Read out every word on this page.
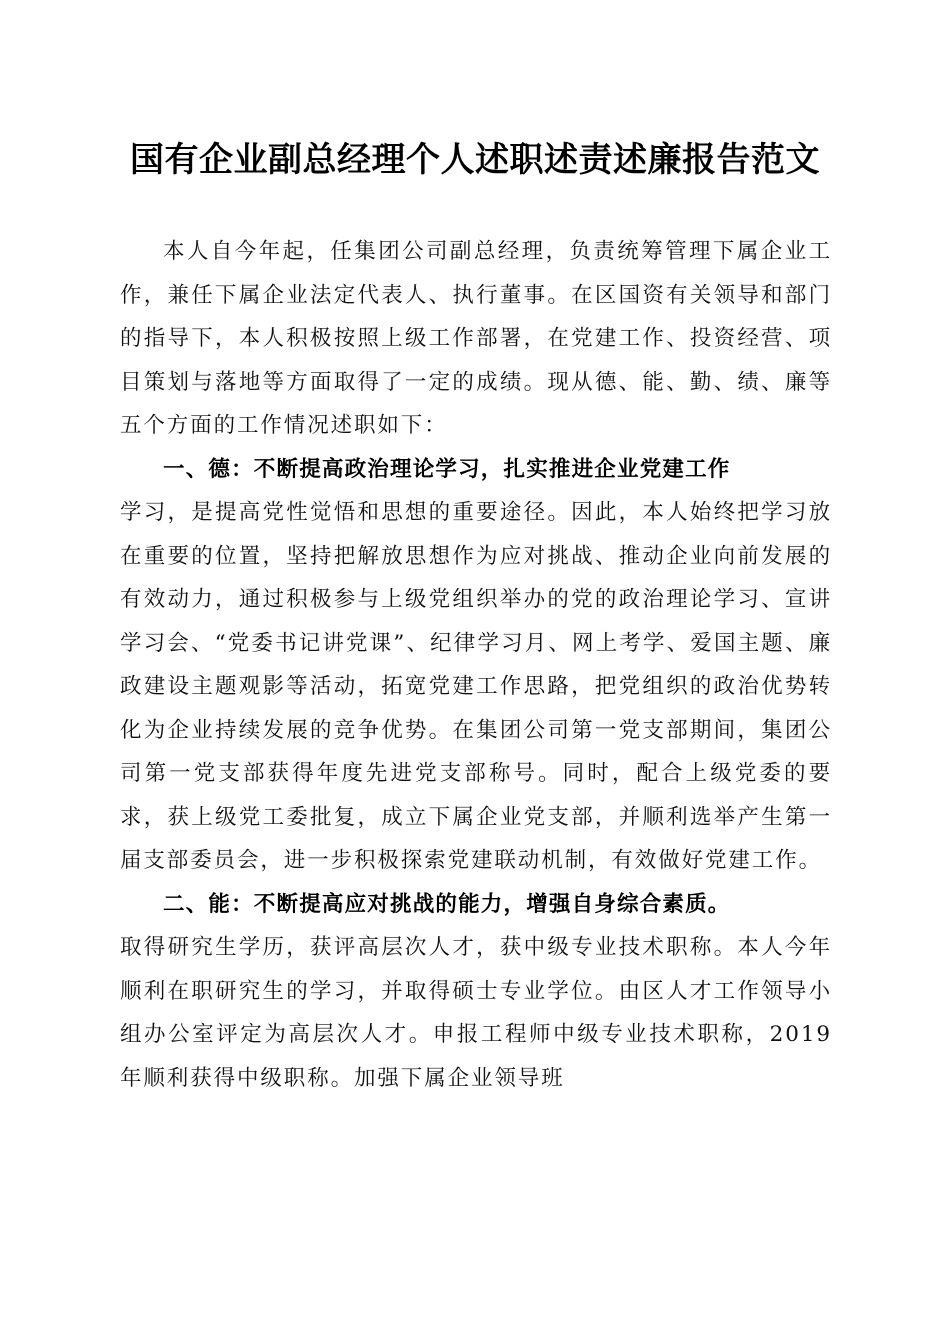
国有企业副总经理个人述职述责述廉报告范文

本人自今年起，任集团公司副总经理，负责统筹管理下属企业工作，兼任下属企业法定代表人、执行董事。在区国资有关领导和部门的指导下，本人积极按照上级工作部署，在党建工作、投资经营、项目策划与落地等方面取得了一定的成绩。现从德、能、勤、绩、廉等五个方面的工作情况述职如下：

一、德：不断提高政治理论学习，扎实推进企业党建工作

学习，是提高党性觉悟和思想的重要途径。因此，本人始终把学习放在重要的位置，坚持把解放思想作为应对挑战、推动企业向前发展的有效动力，通过积极参与上级党组织举办的党的政治理论学习、宣讲学习会、“党委书记讲党课”、纪律学习月、网上考学、爱国主题、廉政建设主题观影等活动，拓宽党建工作思路，把党组织的政治优势转化为企业持续发展的竞争优势。在集团公司第一党支部期间，集团公司第一党支部获得年度先进党支部称号。同时，配合上级党委的要求，获上级党工委批复，成立下属企业党支部，并顺利选举产生第一届支部委员会，进一步积极探索党建联动机制，有效做好党建工作。

二、能：不断提高应对挑战的能力，增强自身综合素质。

取得研究生学历，获评高层次人才，获中级专业技术职称。本人今年顺利在职研究生的学习，并取得硕士专业学位。由区人才工作领导小组办公室评定为高层次人才。申报工程师中级专业技术职称，2019年顺利获得中级职称。加强下属企业领导班
